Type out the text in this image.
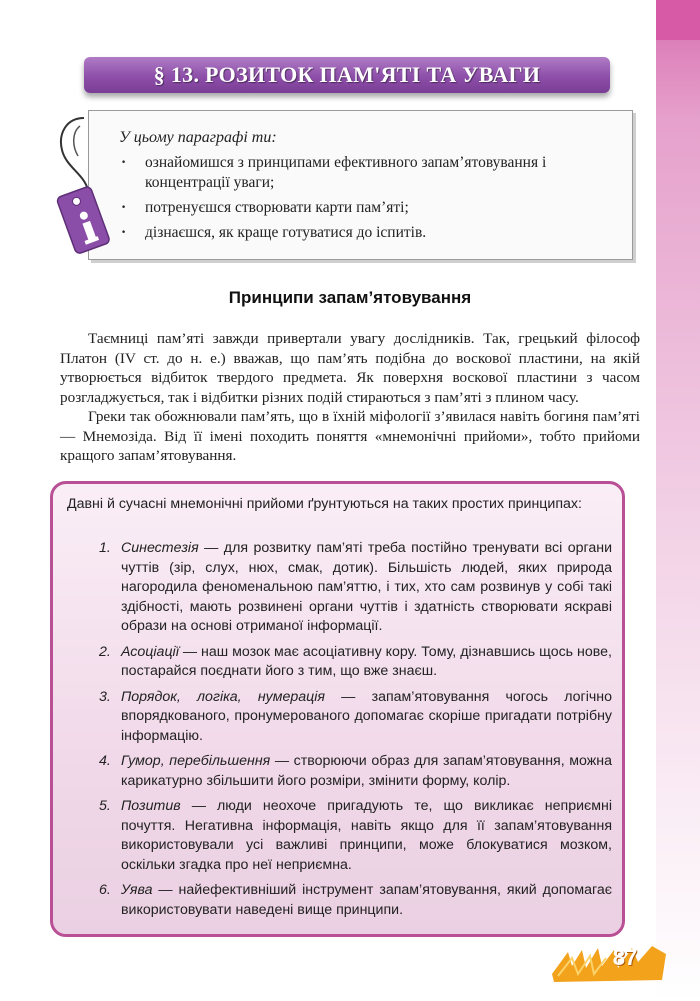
§ 13. РОЗИТОК ПАМ'ЯТІ ТА УВАГИ
У цьому параграфі ти:
· ознайомишся з принципами ефективного запам’ятовування і концентрації уваги;
· потренуєшся створювати карти пам’яті;
· дізнаєшся, як краще готуватися до іспитів.
Принципи запам’ятовування

Таємниці пам’яті завжди привертали увагу дослідників. Так, грецький філософ Платон (IV ст. до н. е.) вважав, що пам’ять подібна до воскової пластини, на якій утворюється відбиток твердого предмета. Як поверхня воскової пластини з часом розгладжується, так і відбитки різних подій стираються з пам’яті з плином часу.

Греки так обожнювали пам’ять, що в їхній міфології з’явилася навіть богиня пам’яті — Мнемозіда. Від її імені походить поняття «мнемонічні прийоми», тобто прийоми кращого запам’ятовування.

Давні й сучасні мнемонічні прийоми ґрунтуються на таких простих принципах:

1. Синестезія — для розвитку пам’яті треба постійно тренувати всі органи чуттів (зір, слух, нюх, смак, дотик). Більшість людей, яких природа нагородила феноменальною пам’яттю, і тих, хто сам розвинув у собі такі здібності, мають розвинені органи чуттів і здатність створювати яскраві образи на основі отриманої інформації.
2. Асоціації — наш мозок має асоціативну кору. Тому, дізнавшись щось нове, постарайся поєднати його з тим, що вже знаєш.
3. Порядок, логіка, нумерація — запам’ятовування чогось логічно впорядкованого, пронумерованого допомагає скоріше пригадати потрібну інформацію.
4. Гумор, перебільшення — створюючи образ для запам’ятовування, можна карикатурно збільшити його розміри, змінити форму, колір.
5. Позитив — люди неохоче пригадують те, що викликає неприємні почуття. Негативна інформація, навіть якщо для її запам’ятовування використовували усі важливі принципи, може блокуватися мозком, оскільки згадка про неї неприємна.
6. Уява — найефективніший інструмент запам’ятовування, який допомагає використовувати наведені вище принципи.
87
